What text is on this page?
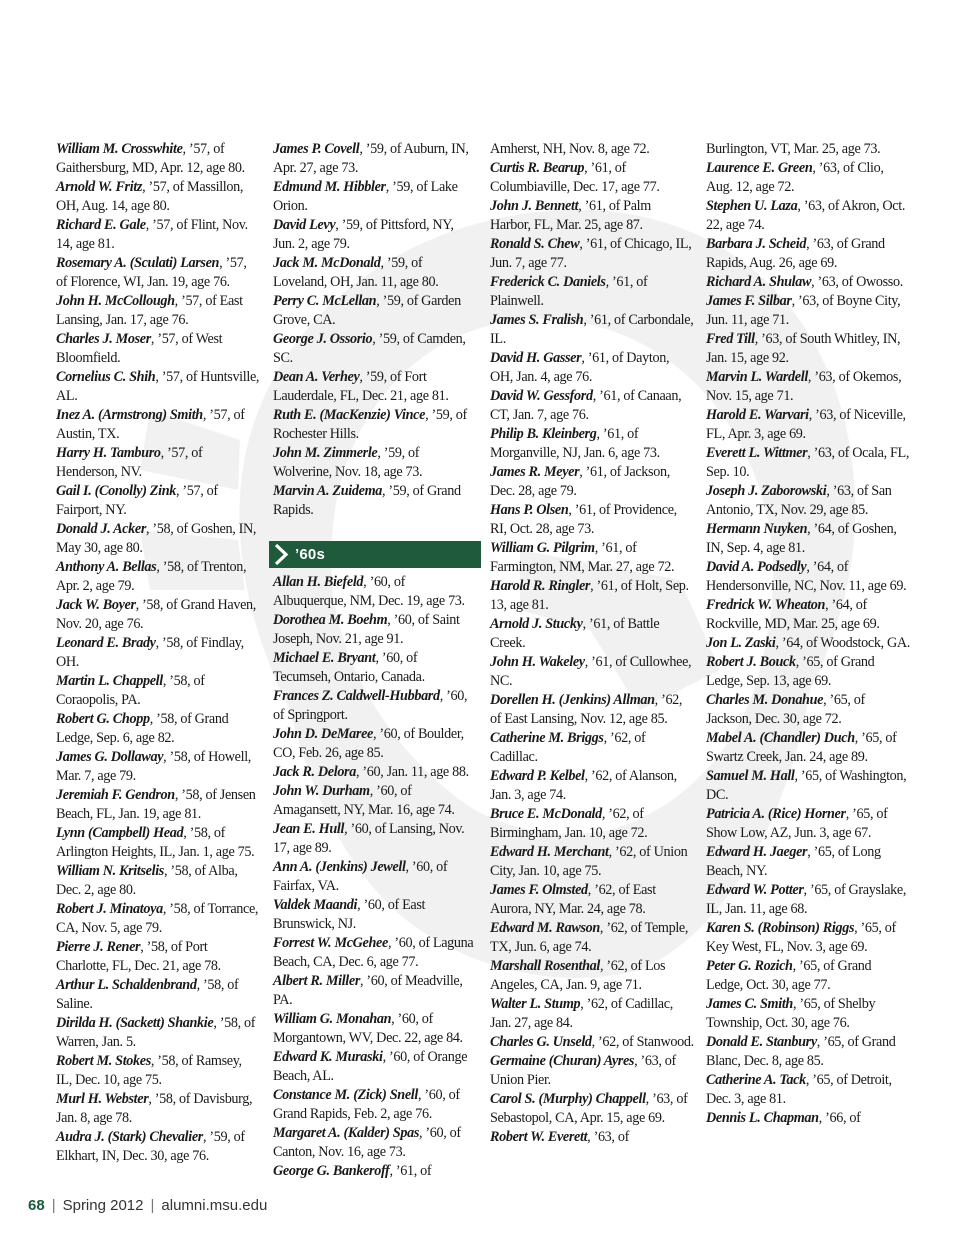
William M. Crosswhite, ’57, of Gaithersburg, MD, Apr. 12, age 80.

Arnold W. Fritz, ’57, of Massillon, OH, Aug. 14, age 80.

Richard E. Gale, ’57, of Flint, Nov. 14, age 81.

Rosemary A. (Sculati) Larsen, ’57, of Florence, WI, Jan. 19, age 76.

John H. McCollough, ’57, of East Lansing, Jan. 17, age 76.

Charles J. Moser, ’57, of West Bloomfield.

Cornelius C. Shih, ’57, of Huntsville, AL.

Inez A. (Armstrong) Smith, ’57, of Austin, TX.

Harry H. Tamburo, ’57, of Henderson, NV.

Gail I. (Conolly) Zink, ’57, of Fairport, NY.

Donald J. Acker, ’58, of Goshen, IN, May 30, age 80.

Anthony A. Bellas, ’58, of Trenton, Apr. 2, age 79.

Jack W. Boyer, ’58, of Grand Haven, Nov. 20, age 76.

Leonard E. Brady, ’58, of Findlay, OH.

Martin L. Chappell, ’58, of Coraopolis, PA.

Robert G. Chopp, ’58, of Grand Ledge, Sep. 6, age 82.

James G. Dollaway, ’58, of Howell, Mar. 7, age 79.

Jeremiah F. Gendron, ’58, of Jensen Beach, FL, Jan. 19, age 81.

Lynn (Campbell) Head, ’58, of Arlington Heights, IL, Jan. 1, age 75.

William N. Kritselis, ’58, of Alba, Dec. 2, age 80.

Robert J. Minatoya, ’58, of Torrance, CA, Nov. 5, age 79.

Pierre J. Rener, ’58, of Port Charlotte, FL, Dec. 21, age 78.

Arthur L. Schaldenbrand, ’58, of Saline.

Dirilda H. (Sackett) Shankie, ’58, of Warren, Jan. 5.

Robert M. Stokes, ’58, of Ramsey, IL, Dec. 10, age 75.

Murl H. Webster, ’58, of Davisburg, Jan. 8, age 78.

Audra J. (Stark) Chevalier, ’59, of Elkhart, IN, Dec. 30, age 76.

James P. Covell, ’59, of Auburn, IN, Apr. 27, age 73.

Edmund M. Hibbler, ’59, of Lake Orion.

David Levy, ’59, of Pittsford, NY, Jun. 2, age 79.

Jack M. McDonald, ’59, of Loveland, OH, Jan. 11, age 80.

Perry C. McLellan, ’59, of Garden Grove, CA.

George J. Ossorio, ’59, of Camden, SC.

Dean A. Verhey, ’59, of Fort Lauderdale, FL, Dec. 21, age 81.

Ruth E. (MacKenzie) Vince, ’59, of Rochester Hills.

John M. Zimmerle, ’59, of Wolverine, Nov. 18, age 73.

Marvin A. Zuidema, ’59, of Grand Rapids.

’60s

Allan H. Biefeld, ’60, of Albuquerque, NM, Dec. 19, age 73.

Dorothea M. Boehm, ’60, of Saint Joseph, Nov. 21, age 91.

Michael E. Bryant, ’60, of Tecumseh, Ontario, Canada.

Frances Z. Caldwell-Hubbard, ’60, of Springport.

John D. DeMaree, ’60, of Boulder, CO, Feb. 26, age 85.

Jack R. Delora, ’60, Jan. 11, age 88.

John W. Durham, ’60, of Amagansett, NY, Mar. 16, age 74.

Jean E. Hull, ’60, of Lansing, Nov. 17, age 89.

Ann A. (Jenkins) Jewell, ’60, of Fairfax, VA.

Valdek Maandi, ’60, of East Brunswick, NJ.

Forrest W. McGehee, ’60, of Laguna Beach, CA, Dec. 6, age 77.

Albert R. Miller, ’60, of Meadville, PA.

William G. Monahan, ’60, of Morgantown, WV, Dec. 22, age 84.

Edward K. Muraski, ’60, of Orange Beach, AL.

Constance M. (Zick) Snell, ’60, of Grand Rapids, Feb. 2, age 76.

Margaret A. (Kalder) Spas, ’60, of Canton, Nov. 16, age 73.

George G. Bankeroff, ’61, of

Amherst, NH, Nov. 8, age 72.

Curtis R. Bearup, ’61, of Columbiaville, Dec. 17, age 77.

John J. Bennett, ’61, of Palm Harbor, FL, Mar. 25, age 87.

Ronald S. Chew, ’61, of Chicago, IL, Jun. 7, age 77.

Frederick C. Daniels, ’61, of Plainwell.

James S. Fralish, ’61, of Carbondale, IL.

David H. Gasser, ’61, of Dayton, OH, Jan. 4, age 76.

David W. Gessford, ’61, of Canaan, CT, Jan. 7, age 76.

Philip B. Kleinberg, ’61, of Morganville, NJ, Jan. 6, age 73.

James R. Meyer, ’61, of Jackson, Dec. 28, age 79.

Hans P. Olsen, ’61, of Providence, RI, Oct. 28, age 73.

William G. Pilgrim, ’61, of Farmington, NM, Mar. 27, age 72.

Harold R. Ringler, ’61, of Holt, Sep. 13, age 81.

Arnold J. Stucky, ’61, of Battle Creek.

John H. Wakeley, ’61, of Cullowhee, NC.

Dorellen H. (Jenkins) Allman, ’62, of East Lansing, Nov. 12, age 85.

Catherine M. Briggs, ’62, of Cadillac.

Edward P. Kelbel, ’62, of Alanson, Jan. 3, age 74.

Bruce E. McDonald, ’62, of Birmingham, Jan. 10, age 72.

Edward H. Merchant, ’62, of Union City, Jan. 10, age 75.

James F. Olmsted, ’62, of East Aurora, NY, Mar. 24, age 78.

Edward M. Rawson, ’62, of Temple, TX, Jun. 6, age 74.

Marshall Rosenthal, ’62, of Los Angeles, CA, Jan. 9, age 71.

Walter L. Stump, ’62, of Cadillac, Jan. 27, age 84.

Charles G. Unseld, ’62, of Stanwood.

Germaine (Churan) Ayres, ’63, of Union Pier.

Carol S. (Murphy) Chappell, ’63, of Sebastopol, CA, Apr. 15, age 69.

Robert W. Everett, ’63, of

Burlington, VT, Mar. 25, age 73.

Laurence E. Green, ’63, of Clio, Aug. 12, age 72.

Stephen U. Laza, ’63, of Akron, Oct. 22, age 74.

Barbara J. Scheid, ’63, of Grand Rapids, Aug. 26, age 69.

Richard A. Shulaw, ’63, of Owosso.

James F. Silbar, ’63, of Boyne City, Jun. 11, age 71.

Fred Till, ’63, of South Whitley, IN, Jan. 15, age 92.

Marvin L. Wardell, ’63, of Okemos, Nov. 15, age 71.

Harold E. Warvari, ’63, of Niceville, FL, Apr. 3, age 69.

Everett L. Wittmer, ’63, of Ocala, FL, Sep. 10.

Joseph J. Zaborowski, ’63, of San Antonio, TX, Nov. 29, age 85.

Hermann Nuyken, ’64, of Goshen, IN, Sep. 4, age 81.

David A. Podsedly, ’64, of Hendersonville, NC, Nov. 11, age 69.

Fredrick W. Wheaton, ’64, of Rockville, MD, Mar. 25, age 69.

Jon L. Zaski, ’64, of Woodstock, GA.

Robert J. Bouck, ’65, of Grand Ledge, Sep. 13, age 69.

Charles M. Donahue, ’65, of Jackson, Dec. 30, age 72.

Mabel A. (Chandler) Duch, ’65, of Swartz Creek, Jan. 24, age 89.

Samuel M. Hall, ’65, of Washington, DC.

Patricia A. (Rice) Horner, ’65, of Show Low, AZ, Jun. 3, age 67.

Edward H. Jaeger, ’65, of Long Beach, NY.

Edward W. Potter, ’65, of Grayslake, IL, Jan. 11, age 68.

Karen S. (Robinson) Riggs, ’65, of Key West, FL, Nov. 3, age 69.

Peter G. Rozich, ’65, of Grand Ledge, Oct. 30, age 77.

James C. Smith, ’65, of Shelby Township, Oct. 30, age 76.

Donald E. Stanbury, ’65, of Grand Blanc, Dec. 8, age 85.

Catherine A. Tack, ’65, of Detroit, Dec. 3, age 81.

Dennis L. Chapman, ’66, of

68 | Spring 2012 | alumni.msu.edu
